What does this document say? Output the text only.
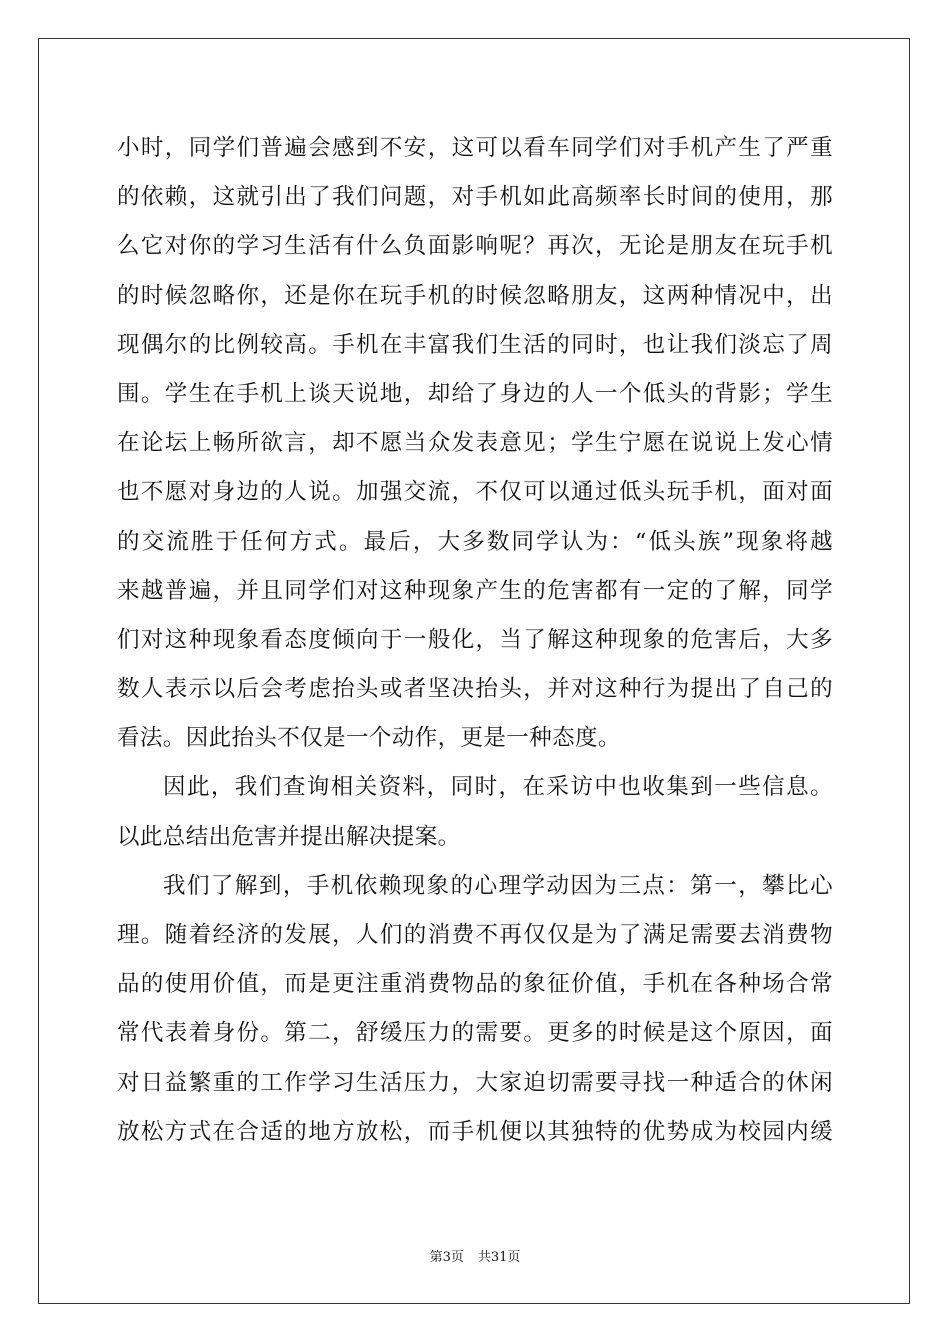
小时，同学们普遍会感到不安，这可以看车同学们对手机产生了严重
的依赖，这就引出了我们问题，对手机如此高频率长时间的使用，那
么它对你的学习生活有什么负面影响呢？再次，无论是朋友在玩手机
的时候忽略你，还是你在玩手机的时候忽略朋友，这两种情况中，出
现偶尔的比例较高。手机在丰富我们生活的同时，也让我们淡忘了周
围。学生在手机上谈天说地，却给了身边的人一个低头的背影；学生
在论坛上畅所欲言，却不愿当众发表意见；学生宁愿在说说上发心情
也不愿对身边的人说。加强交流，不仅可以通过低头玩手机，面对面
的交流胜于任何方式。最后，大多数同学认为：“低头族”现象将越
来越普遍，并且同学们对这种现象产生的危害都有一定的了解，同学
们对这种现象看态度倾向于一般化，当了解这种现象的危害后，大多
数人表示以后会考虑抬头或者坚决抬头，并对这种行为提出了自己的
看法。因此抬头不仅是一个动作，更是一种态度。
因此，我们查询相关资料，同时，在采访中也收集到一些信息。
以此总结出危害并提出解决提案。
我们了解到，手机依赖现象的心理学动因为三点：第一，攀比心
理。随着经济的发展，人们的消费不再仅仅是为了满足需要去消费物
品的使用价值，而是更注重消费物品的象征价值，手机在各种场合常
常代表着身份。第二，舒缓压力的需要。更多的时候是这个原因，面
对日益繁重的工作学习生活压力，大家迫切需要寻找一种适合的休闲
放松方式在合适的地方放松，而手机便以其独特的优势成为校园内缓
第3页 共31页
